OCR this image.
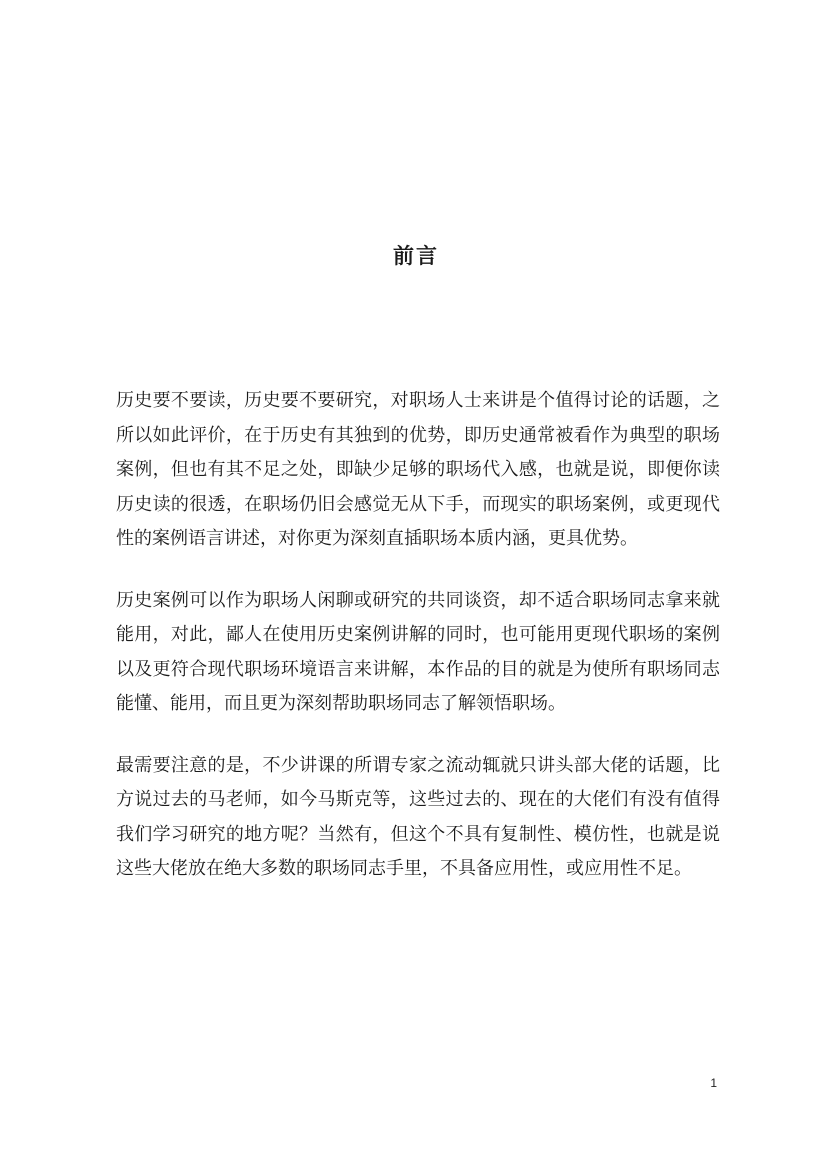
前言

历史要不要读，历史要不要研究，对职场人士来讲是个值得讨论的话题，之所以如此评价，在于历史有其独到的优势，即历史通常被看作为典型的职场案例，但也有其不足之处，即缺少足够的职场代入感，也就是说，即便你读历史读的很透，在职场仍旧会感觉无从下手，而现实的职场案例，或更现代性的案例语言讲述，对你更为深刻直插职场本质内涵，更具优势。

历史案例可以作为职场人闲聊或研究的共同谈资，却不适合职场同志拿来就能用，对此，鄙人在使用历史案例讲解的同时，也可能用更现代职场的案例以及更符合现代职场环境语言来讲解，本作品的目的就是为使所有职场同志能懂、能用，而且更为深刻帮助职场同志了解领悟职场。

最需要注意的是，不少讲课的所谓专家之流动辄就只讲头部大佬的话题，比方说过去的马老师，如今马斯克等，这些过去的、现在的大佬们有没有值得我们学习研究的地方呢？当然有，但这个不具有复制性、模仿性，也就是说这些大佬放在绝大多数的职场同志手里，不具备应用性，或应用性不足。

1
